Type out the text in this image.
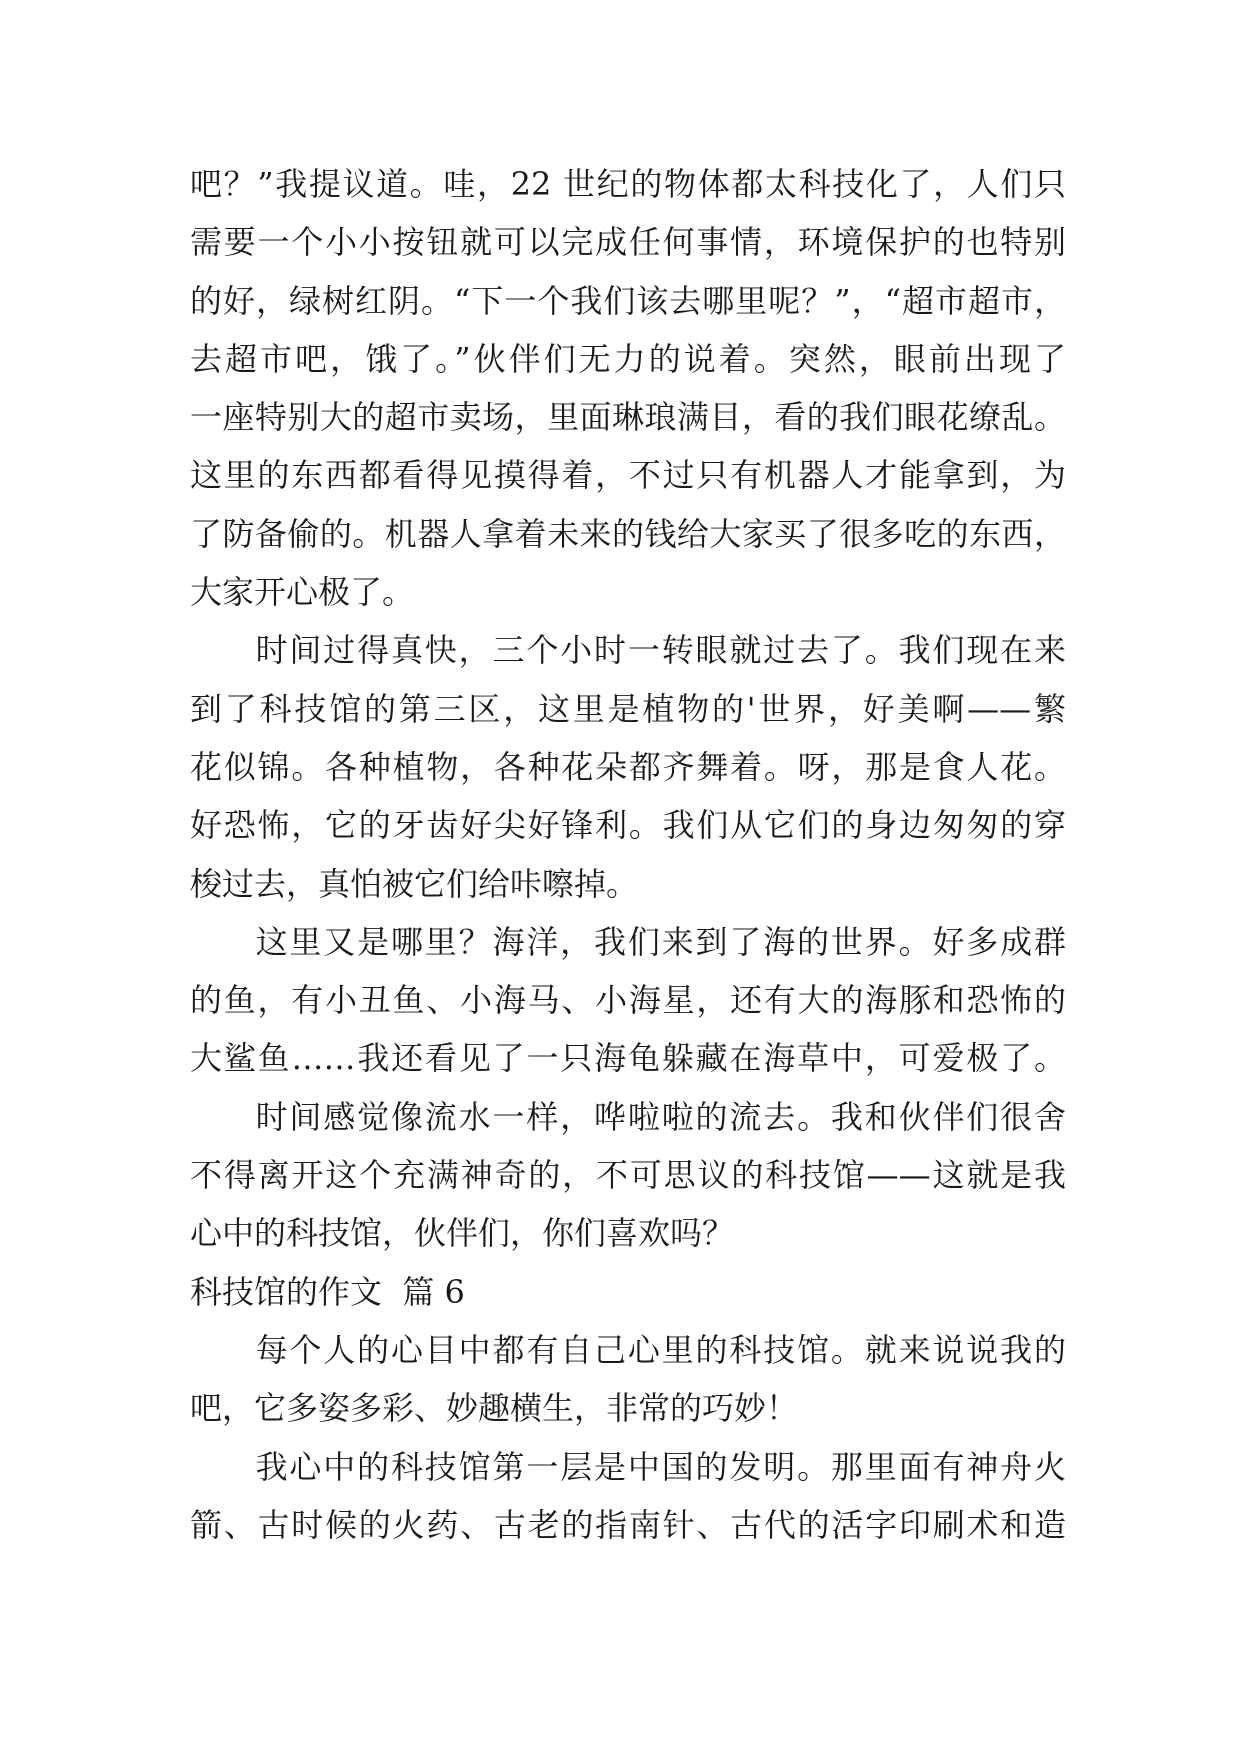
吧？”我提议道。哇，22 世纪的物体都太科技化了，人们只
需要一个小小按钮就可以完成任何事情，环境保护的也特别
的好，绿树红阴。“下一个我们该去哪里呢？”，“超市超市，
去超市吧，饿了。”伙伴们无力的说着。突然，眼前出现了
一座特别大的超市卖场，里面琳琅满目，看的我们眼花缭乱。
这里的东西都看得见摸得着，不过只有机器人才能拿到，为
了防备偷的。机器人拿着未来的钱给大家买了很多吃的东西，
大家开心极了。
时间过得真快，三个小时一转眼就过去了。我们现在来
到了科技馆的第三区，这里是植物的'世界，好美啊——繁
花似锦。各种植物，各种花朵都齐舞着。呀，那是食人花。
好恐怖，它的牙齿好尖好锋利。我们从它们的身边匆匆的穿
梭过去，真怕被它们给咔嚓掉。
这里又是哪里？海洋，我们来到了海的世界。好多成群
的鱼，有小丑鱼、小海马、小海星，还有大的海豚和恐怖的
大鲨鱼……我还看见了一只海龟躲藏在海草中，可爱极了。
时间感觉像流水一样，哗啦啦的流去。我和伙伴们很舍
不得离开这个充满神奇的，不可思议的科技馆——这就是我
心中的科技馆，伙伴们，你们喜欢吗？
科技馆的作文  篇 6
每个人的心目中都有自己心里的科技馆。就来说说我的
吧，它多姿多彩、妙趣横生，非常的巧妙！
我心中的科技馆第一层是中国的发明。那里面有神舟火
箭、古时候的火药、古老的指南针、古代的活字印刷术和造
